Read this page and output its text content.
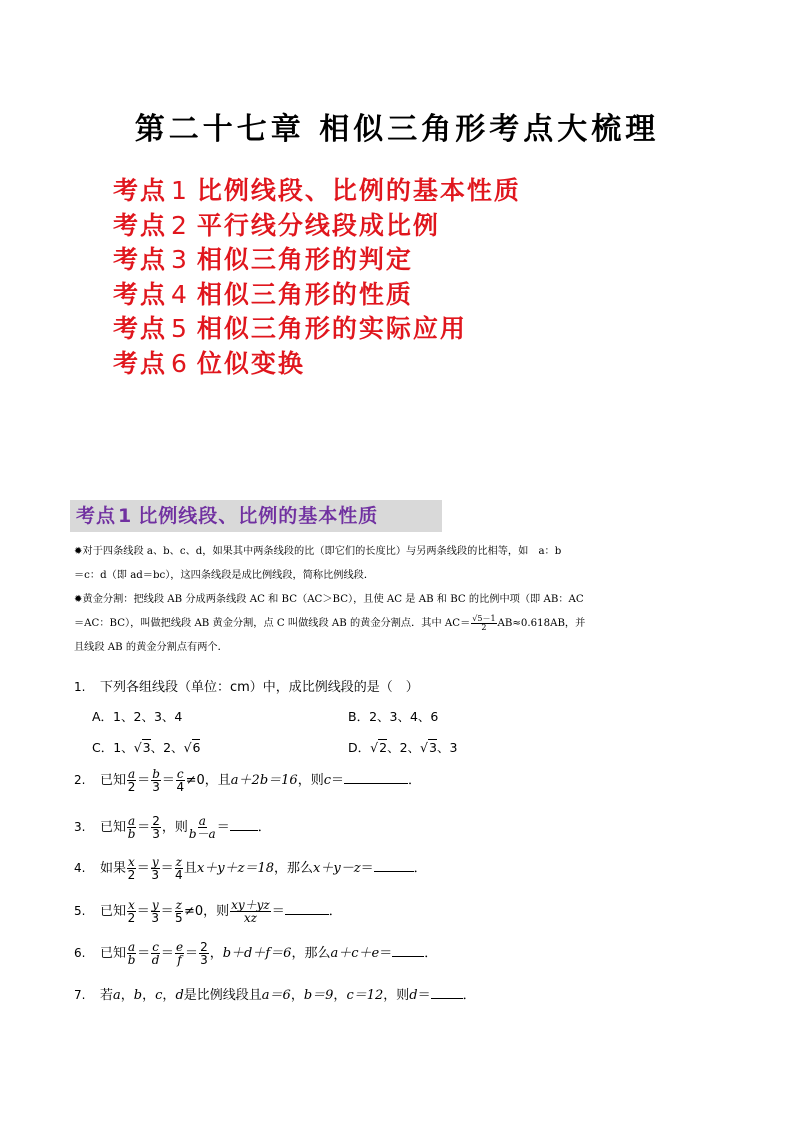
第二十七章 相似三角形考点大梳理
考点 1 比例线段、比例的基本性质
考点 2 平行线分线段成比例
考点 3 相似三角形的判定
考点 4 相似三角形的性质
考点 5 相似三角形的实际应用
考点 6 位似变换
考点 1 比例线段、比例的基本性质

✹对于四条线段 a、b、c、d，如果其中两条线段的比（即它们的长度比）与另两条线段的比相等，如　a：b

＝c：d（即 ad＝bc），这四条线段是成比例线段，简称比例线段．

✹黄金分割：把线段 AB 分成两条线段 AC 和 BC（AC＞BC），且使 AC 是 AB 和 BC 的比例中项（即 AB：AC

＝AC：BC），叫做把线段 AB 黄金分割，点 C 叫做线段 AB 的黄金分割点．其中 $AC= \frac{√5-1}{2} AB\approx 0.618AB$，并

且线段 AB 的黄金分割点有两个．

1. 下列各组线段（单位：cm）中，成比例线段的是（　）
A．1、2、3、4	B．2、3、4、6
C．1、√3、2、√6	D．√2、2、√3、3
2. 已知 $\frac{a}{2} = \frac{b}{3} = \frac{c}{4} \ne 0$，且a＋2b＝16，则c＝	．
3. 已知 $\frac{a}{b} = \frac{2}{3}$ ，则 $\frac{a}{b-a}$ ＝ ．
4. 如果 $\frac{x}{2} = \frac{y}{3} = \frac{z}{4}$ 且x＋y＋z＝18，那么x＋y－z＝	．
5. 已知 $\frac{x}{2} = \frac{y}{3} = \frac{z}{5} \ne 0$，则 $\frac{xy+yz}{xz}$ ＝	．
6. 已知 $\frac{a}{b} = \frac{c}{d} = \frac{e}{f} = \frac{2}{3}$ ，b＋d＋f＝6，那么a＋c＋e＝ ．
7. 若a，b，c，d是比例线段且a＝6，b＝9，c＝12，则d＝ ．
